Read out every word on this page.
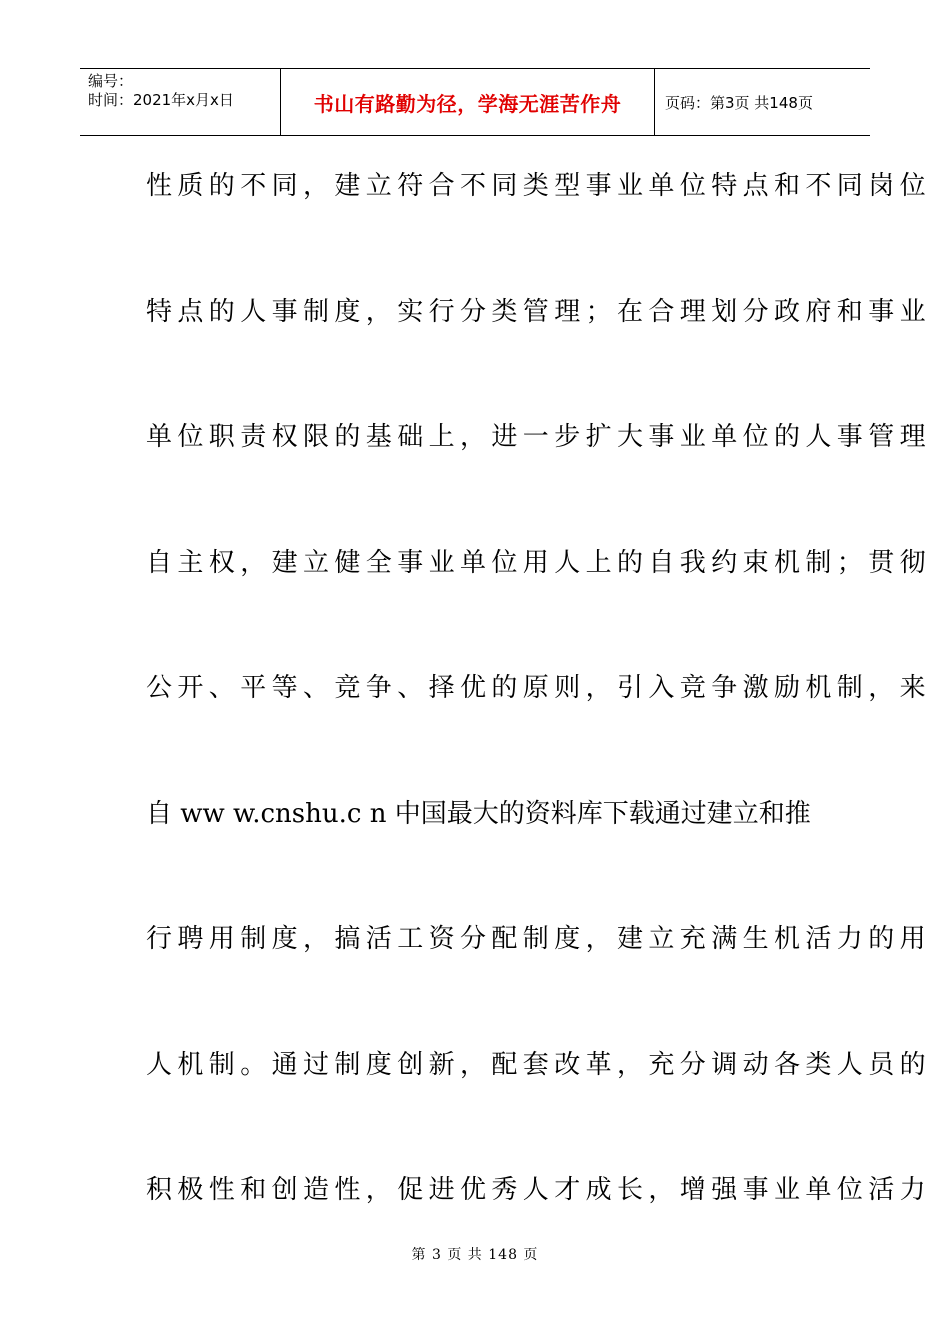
编号：
时间：2021年x月x日	书山有路勤为径，学海无涯苦作舟	页码：第3页 共148页
性质的不同，建立符合不同类型事业单位特点和不同岗位
特点的人事制度，实行分类管理；在合理划分政府和事业
单位职责权限的基础上，进一步扩大事业单位的人事管理
自主权，建立健全事业单位用人上的自我约束机制；贯彻
公开、平等、竞争、择优的原则，引入竞争激励机制，来
自 ww w.cnshu.c n 中国最大的资料库下载通过建立和推
行聘用制度，搞活工资分配制度，建立充满生机活力的用
人机制。通过制度创新，配套改革，充分调动各类人员的
积极性和创造性，促进优秀人才成长，增强事业单位活力
第 3 页 共 148 页
